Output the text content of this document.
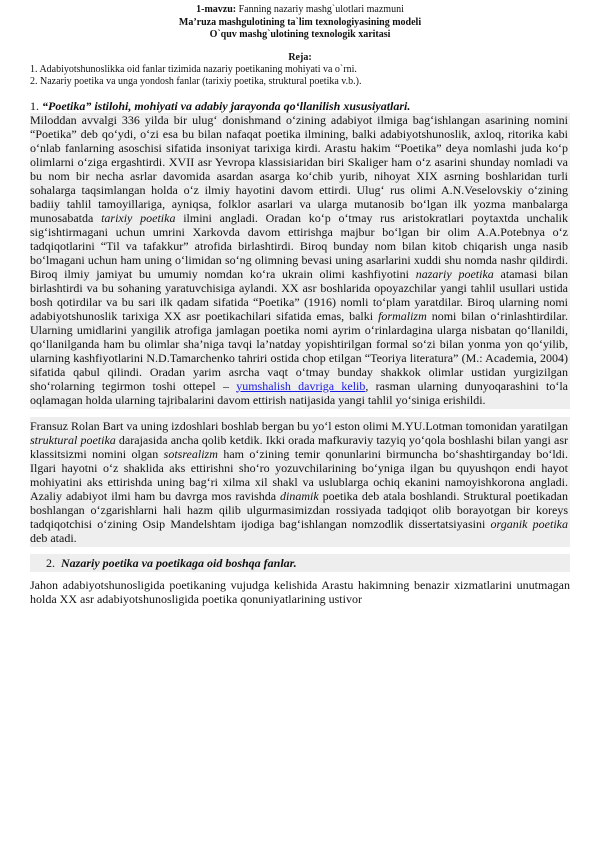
1-mavzu: Fanning nazariy mashg`ulotlari mazmuni
Ma’ruza mashgulotining ta`lim texnologiyasining modeli
O`quv mashg`ulotining texnologik xaritasi
Reja:
1. Adabiyotshunoslikka oid fanlar tizimida nazariy poetikaning mohiyati va o`rni.
2. Nazariy poetika va unga yondosh fanlar (tarixiy poetika, struktural poetika v.b.).
1. “Poetika” istilohi, mohiyati va adabiy jarayonda qo‘llanilish xususiyatlari.
Miloddan avvalgi 336 yilda bir ulug‘ donishmand o‘zining adabiyot ilmiga bag‘ishlangan asarining nomini “Poetika” deb qo‘ydi, o‘zi esa bu bilan nafaqat poetika ilmining, balki adabiyotshunoslik, axloq, ritorika kabi o‘nlab fanlarning asoschisi sifatida insoniyat tarixiga kirdi. Arastu hakim “Poetika” deya nomlashi juda ko‘p olimlarni o‘ziga ergashtirdi. XVII asr Yevropa klassisiaridan biri Skaliger ham o‘z asarini shunday nomladi va bu nom bir necha asrlar davomida asardan asarga ko‘chib yurib, nihoyat XIX asrning boshlaridan turli sohalarga taqsimlangan holda o‘z ilmiy hayotini davom ettirdi. Ulug‘ rus olimi A.N.Veselovskiy o‘zining badiiy tahlil tamoyillariga, ayniqsa, folklor asarlari va ularga mutanosib bo‘lgan ilk yozma manbalarga munosabatda tarixiy poetika ilmini angladi. Oradan ko‘p o‘tmay rus aristokratlari poytaxtda unchalik sig‘ishtirmagani uchun umrini Xarkovda davom ettirishga majbur bo‘lgan bir olim A.A.Potebnya o‘z tadqiqotlarini “Til va tafakkur” atrofida birlashtirdi. Biroq bunday nom bilan kitob chiqarish unga nasib bo‘lmagani uchun ham uning o‘limidan so‘ng olimning bevasi uning asarlarini xuddi shu nomda nashr qildirdi. Biroq ilmiy jamiyat bu umumiy nomdan ko‘ra ukrain olimi kashfiyotini nazariy poetika atamasi bilan birlashtirdi va bu sohaning yaratuvchisiga aylandi. XX asr boshlarida opoyazchilar yangi tahlil usullari ustida bosh qotirdilar va bu sari ilk qadam sifatida “Poetika” (1916) nomli to‘plam yaratdilar. Biroq ularning nomi adabiyotshunoslik tarixiga XX asr poetikachilari sifatida emas, balki formalizm nomi bilan o‘rinlashtirdilar. Ularning umidlarini yangilik atrofiga jamlagan poetika nomi ayrim o‘rinlardagina ularga nisbatan qo‘llanildi, qo‘llanilganda ham bu olimlar sha’niga tavqi la’natday yopishtirilgan formal so‘zi bilan yonma yon qo‘yilib, ularning kashfiyotlarini N.D.Tamarchenko tahriri ostida chop etilgan “Teoriya literatura” (M.: Academia, 2004) sifatida qabul qilindi. Oradan yarim asrcha vaqt o‘tmay bunday shakkok olimlar ustidan yurgizilgan sho‘rolarning tegirmon toshi ottepel – yumshalish davriga kelib, rasman ularning dunyoqarashini to‘la oqlamagan holda ularning tajribalarini davom ettirish natijasida yangi tahlil yo‘siniga erishildi.
Fransuz Rolan Bart va uning izdoshlari boshlab bergan bu yo‘l eston olimi M.YU.Lotman tomonidan yaratilgan struktural poetika darajasida ancha qolib ketdik. Ikki orada mafkuraviy tazyiq yo‘qola boshlashi bilan yangi asr klassitsizmi nomini olgan sotsrealizm ham o‘zining temir qonunlarini birmuncha bo‘shashtirganday bo‘ldi. Ilgari hayotni o‘z shaklida aks ettirishni sho‘ro yozuvchilarining bo‘yniga ilgan bu quyushqon endi hayot mohiyatini aks ettirishda uning bag‘ri xilma xil shakl va uslublarga ochiq ekanini namoyishkorona angladi. Azaliy adabiyot ilmi ham bu davrga mos ravishda dinamik poetika deb atala boshlandi. Struktural poetikadan boshlangan o‘zgarishlarni hali hazm qilib ulgurmasimizdan rossiyada tadqiqot olib borayotgan bir koreys tadqiqotchisi o‘zining Osip Mandelshtam ijodiga bag‘ishlangan nomzodlik dissertatsiyasini organik poetika deb atadi.
2. Nazariy poetika va poetikaga oid boshqa fanlar.
Jahon adabiyotshunosligida poetikaning vujudga kelishida Arastu hakimning benazir xizmatlarini unutmagan holda XX asr adabiyotshunosligida poetika qonuniyatlarining ustivor
